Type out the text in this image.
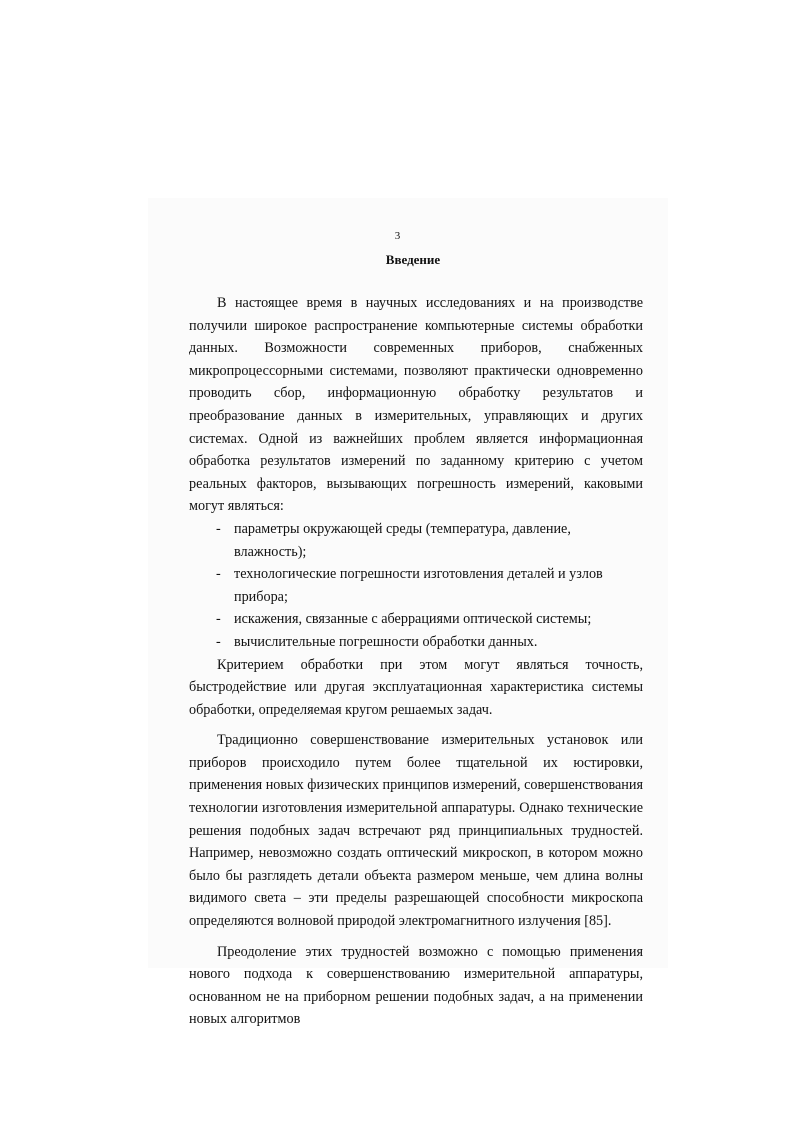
3
Введение

В настоящее время в научных исследованиях и на производстве получили широкое распространение компьютерные системы обработки данных. Возможности современных приборов, снабженных микропроцессорными системами, позволяют практически одновременно проводить сбор, информационную обработку результатов и преобразование данных в измерительных, управляющих и других системах. Одной из важнейших проблем является информационная обработка результатов измерений по заданному критерию с учетом реальных факторов, вызывающих погрешность измерений, каковыми могут являться:

- параметры окружающей среды (температура, давление, влажность);
- технологические погрешности изготовления деталей и узлов прибора;
- искажения, связанные с аберрациями оптической системы;
- вычислительные погрешности обработки данных.

Критерием обработки при этом могут являться точность, быстродействие или другая эксплуатационная характеристика системы обработки, определяемая кругом решаемых задач.

Традиционно совершенствование измерительных установок или приборов происходило путем более тщательной их юстировки, применения новых физических принципов измерений, совершенствования технологии изготовления измерительной аппаратуры. Однако технические решения подобных задач встречают ряд принципиальных трудностей. Например, невозможно создать оптический микроскоп, в котором можно было бы разглядеть детали объекта размером меньше, чем длина волны видимого света – эти пределы разрешающей способности микроскопа определяются волновой природой электромагнитного излучения [85].

Преодоление этих трудностей возможно с помощью применения нового подхода к совершенствованию измерительной аппаратуры, основанном не на приборном решении подобных задач, а на применении новых алгоритмов
